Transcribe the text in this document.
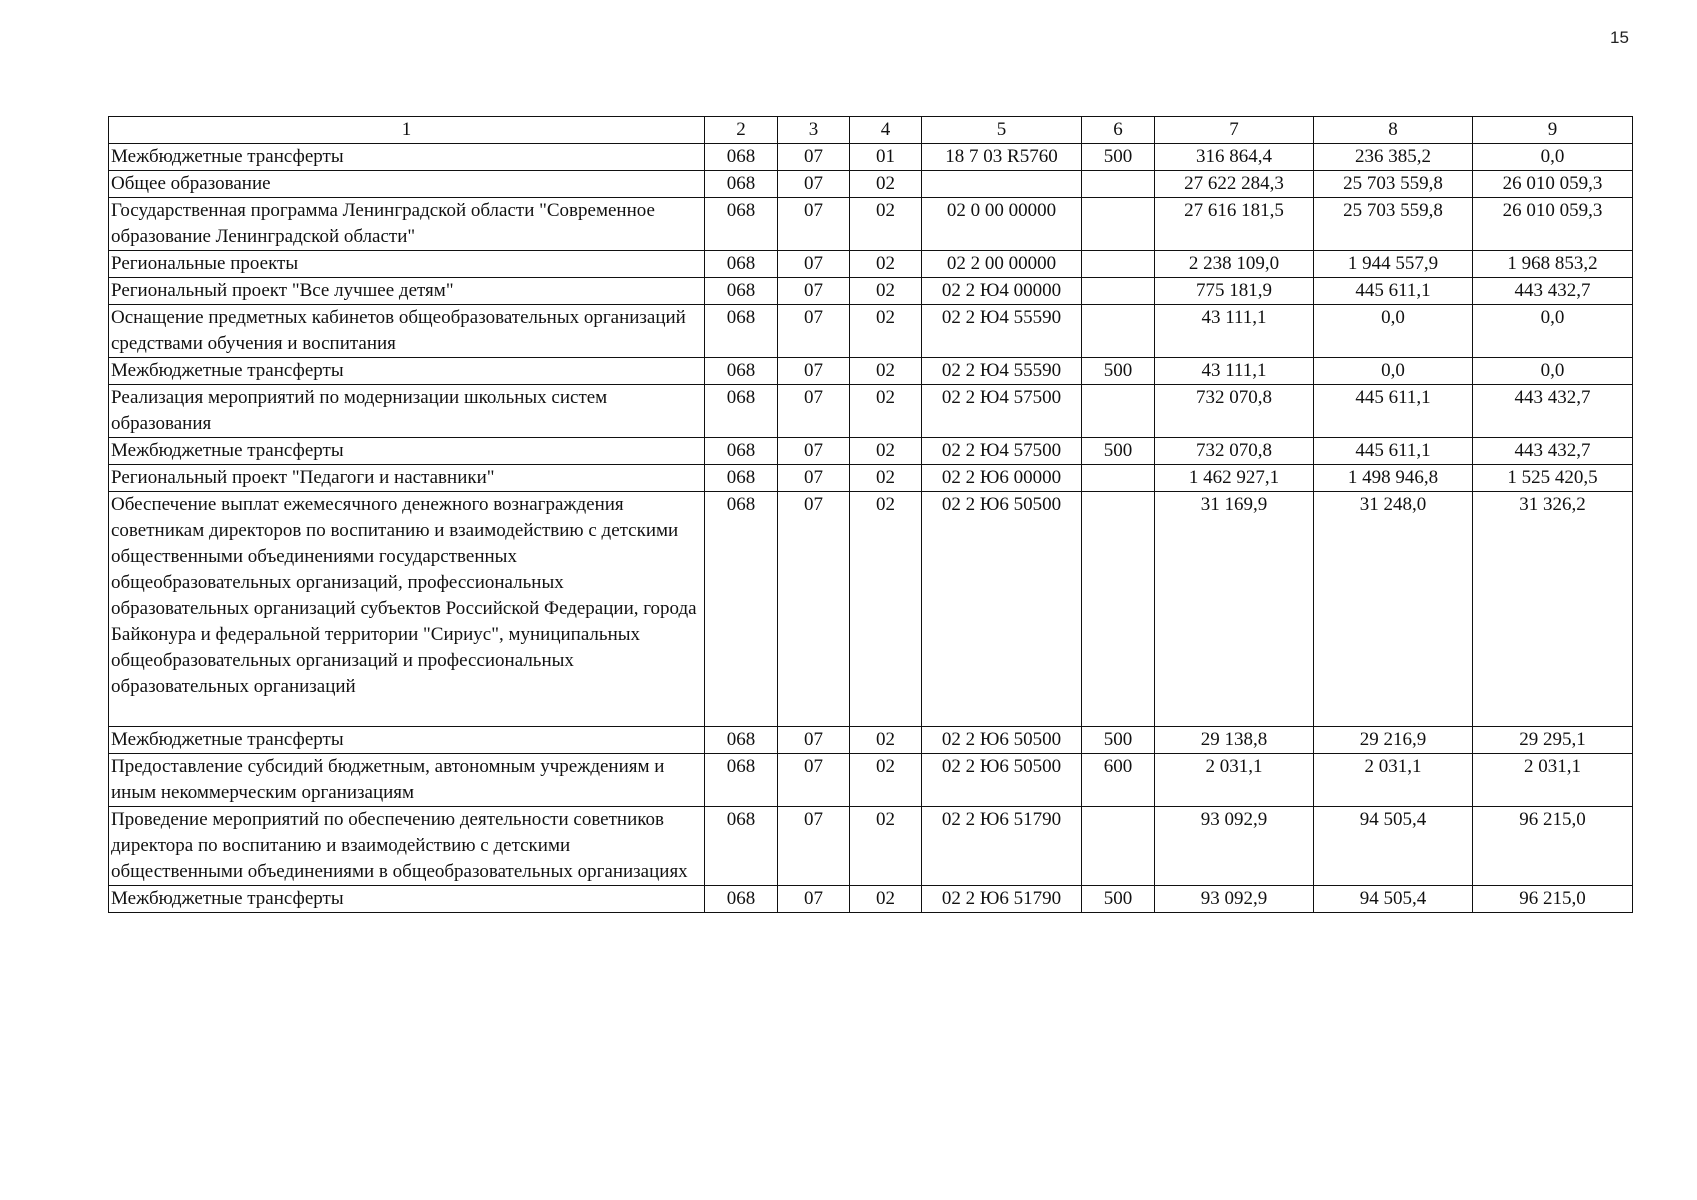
15
1	2	3	4	5	6	7	8	9
Межбюджетные трансферты	068	07	01	18 7 03 R5760	500	316 864,4	236 385,2	0,0
Общее образование	068	07	02			27 622 284,3	25 703 559,8	26 010 059,3
Государственная программа Ленинградской области "Современное образование Ленинградской области"	068	07	02	02 0 00 00000		27 616 181,5	25 703 559,8	26 010 059,3
Региональные проекты	068	07	02	02 2 00 00000		2 238 109,0	1 944 557,9	1 968 853,2
Региональный проект "Все лучшее детям"	068	07	02	02 2 Ю4 00000		775 181,9	445 611,1	443 432,7
Оснащение предметных кабинетов общеобразовательных организаций средствами обучения и воспитания	068	07	02	02 2 Ю4 55590		43 111,1	0,0	0,0
Межбюджетные трансферты	068	07	02	02 2 Ю4 55590	500	43 111,1	0,0	0,0
Реализация мероприятий по модернизации школьных систем образования	068	07	02	02 2 Ю4 57500		732 070,8	445 611,1	443 432,7
Межбюджетные трансферты	068	07	02	02 2 Ю4 57500	500	732 070,8	445 611,1	443 432,7
Региональный проект "Педагоги и наставники"	068	07	02	02 2 Ю6 00000		1 462 927,1	1 498 946,8	1 525 420,5
Обеспечение выплат ежемесячного денежного вознаграждения советникам директоров по воспитанию и взаимодействию с детскими общественными объединениями государственных общеобразовательных организаций, профессиональных образовательных организаций субъектов Российской Федерации, города Байконура и федеральной территории "Сириус", муниципальных общеобразовательных организаций и профессиональных образовательных организаций	068	07	02	02 2 Ю6 50500		31 169,9	31 248,0	31 326,2
Межбюджетные трансферты	068	07	02	02 2 Ю6 50500	500	29 138,8	29 216,9	29 295,1
Предоставление субсидий бюджетным, автономным учреждениям и иным некоммерческим организациям	068	07	02	02 2 Ю6 50500	600	2 031,1	2 031,1	2 031,1
Проведение мероприятий по обеспечению деятельности советников директора по воспитанию и взаимодействию с детскими общественными объединениями в общеобразовательных организациях	068	07	02	02 2 Ю6 51790		93 092,9	94 505,4	96 215,0
Межбюджетные трансферты	068	07	02	02 2 Ю6 51790	500	93 092,9	94 505,4	96 215,0
